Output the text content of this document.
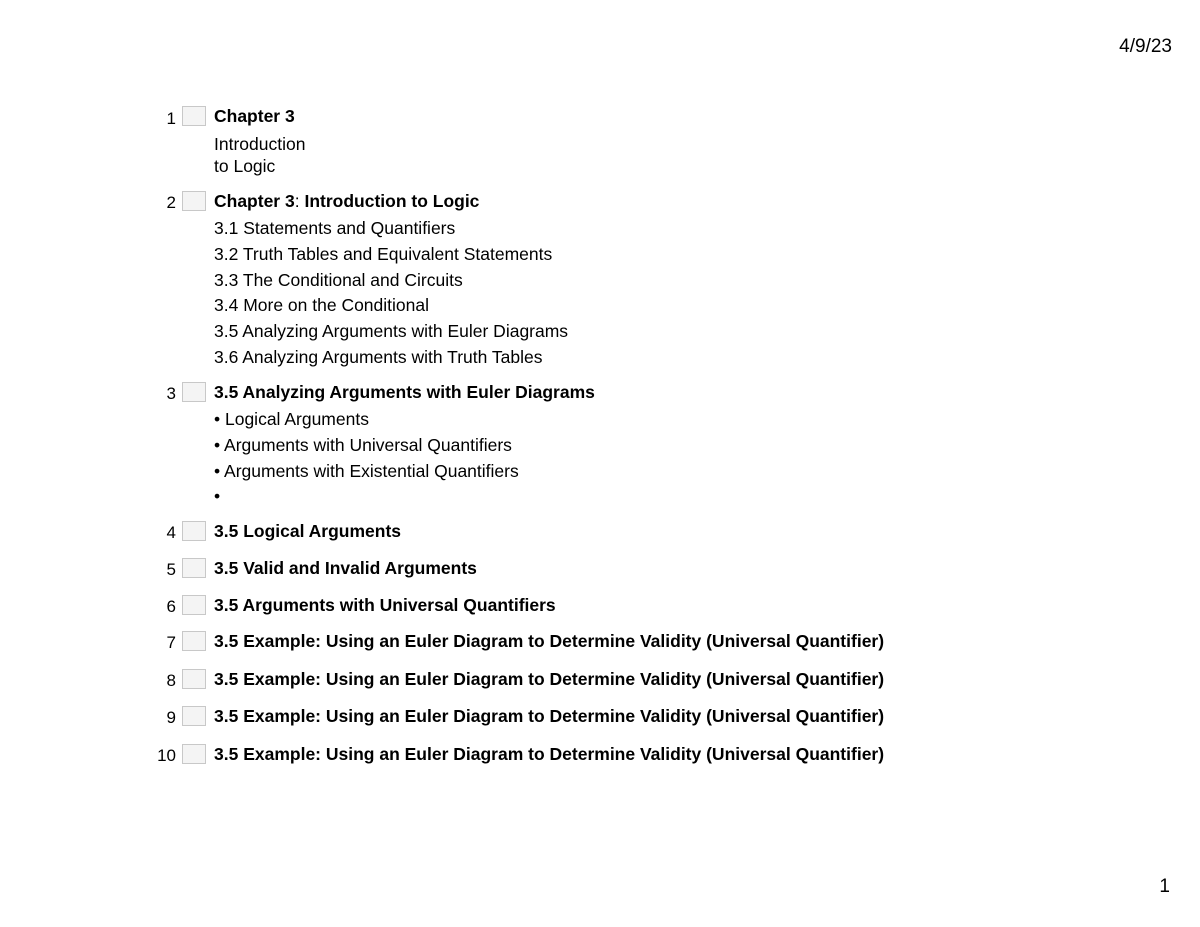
4/9/23
1 Chapter 3
Introduction
to Logic
2 Chapter 3: Introduction to Logic
3.1 Statements and Quantifiers
3.2 Truth Tables and Equivalent Statements
3.3 The Conditional and Circuits
3.4 More on the Conditional
3.5 Analyzing Arguments with Euler Diagrams
3.6 Analyzing Arguments with Truth Tables
3 3.5 Analyzing Arguments with Euler Diagrams
• Logical Arguments
• Arguments with Universal Quantifiers
• Arguments with Existential Quantifiers
•
4 3.5 Logical Arguments
5 3.5 Valid and Invalid Arguments
6 3.5 Arguments with Universal Quantifiers
7 3.5 Example: Using an Euler Diagram to Determine Validity (Universal Quantifier)
8 3.5 Example: Using an Euler Diagram to Determine Validity (Universal Quantifier)
9 3.5 Example: Using an Euler Diagram to Determine Validity (Universal Quantifier)
10 3.5 Example: Using an Euler Diagram to Determine Validity (Universal Quantifier)
1
